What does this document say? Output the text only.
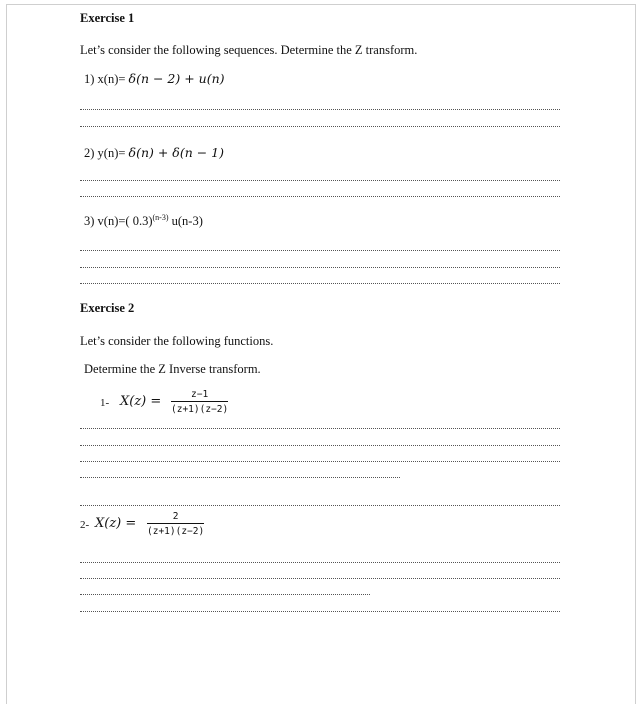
Exercise 1
Let’s consider the following sequences. Determine the Z transform.
1) x(n)= δ(n − 2) + u(n)
2) y(n)= δ(n) + δ(n − 1)
3) v(n)=( 0.3)$^{(n-3)}$ u(n-3)
Exercise 2
Let’s consider the following functions.
Determine the Z Inverse transform.
1- X(z) =	z−1
(z+1)(z−2)
2- X(z) =	2
(z+1)(z−2)
